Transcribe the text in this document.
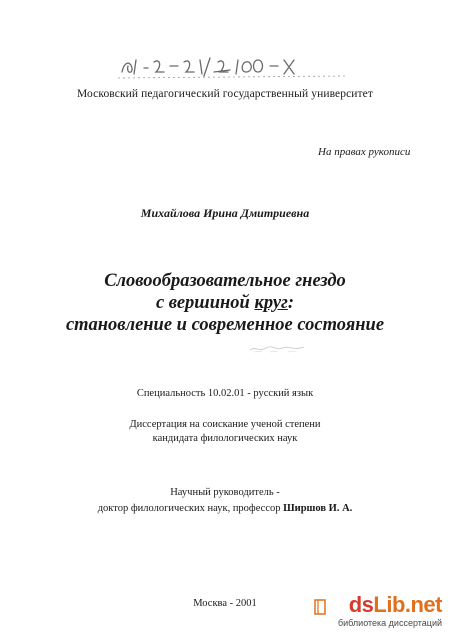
Московский педагогический государственный университет
На правах рукописи
Михайлова Ирина Дмитриевна
Словообразовательное гнездо
с вершиной круг:
становление и современное состояние
Специальность 10.02.01 - русский язык
Диссертация на соискание ученой степени
кандидата филологических наук
Научный руководитель -
доктор филологических наук, профессор Ширшов И. А.
Москва - 2001	dsLib.net
библиотека диссертаций
